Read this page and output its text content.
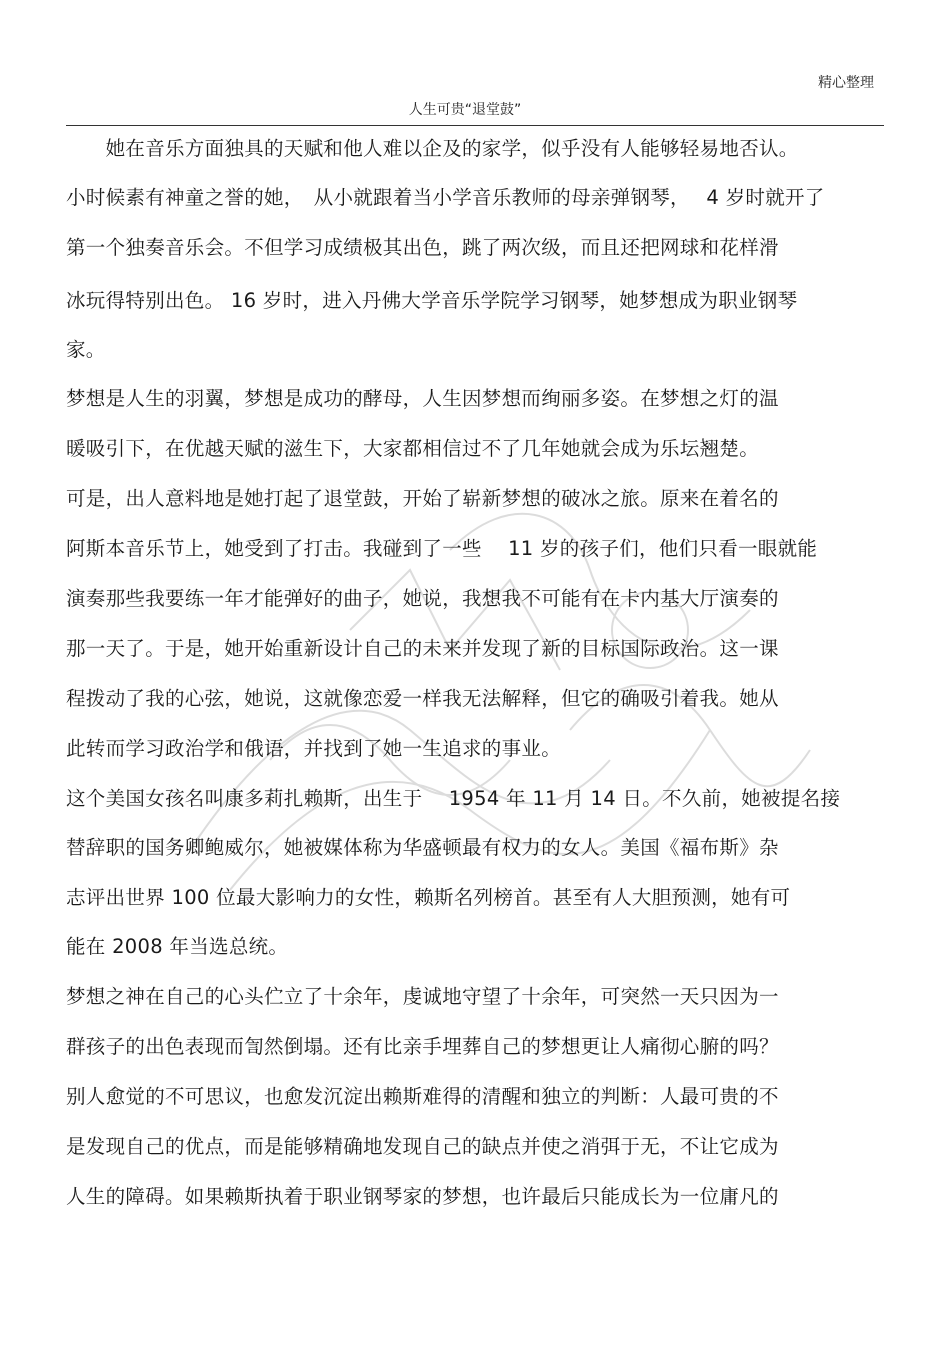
精心整理
人生可贵“退堂鼓”
　　她在音乐方面独具的天赋和他人难以企及的家学，似乎没有人能够轻易地否认。
小时候素有神童之誉的她，　从小就跟着当小学音乐教师的母亲弹钢琴，　 4 岁时就开了
第一个独奏音乐会。不但学习成绩极其出色，跳了两次级，而且还把网球和花样滑
冰玩得特别出色。 16 岁时，进入丹佛大学音乐学院学习钢琴，她梦想成为职业钢琴
家。
梦想是人生的羽翼，梦想是成功的酵母，人生因梦想而绚丽多姿。在梦想之灯的温
暖吸引下，在优越天赋的滋生下，大家都相信过不了几年她就会成为乐坛翘楚。
可是，出人意料地是她打起了退堂鼓，开始了崭新梦想的破冰之旅。原来在着名的
阿斯本音乐节上，她受到了打击。我碰到了一些　 11 岁的孩子们，他们只看一眼就能
演奏那些我要练一年才能弹好的曲子，她说，我想我不可能有在卡内基大厅演奏的
那一天了。于是，她开始重新设计自己的未来并发现了新的目标国际政治。这一课
程拨动了我的心弦，她说，这就像恋爱一样我无法解释，但它的确吸引着我。她从
此转而学习政治学和俄语，并找到了她一生追求的事业。
这个美国女孩名叫康多莉扎赖斯，出生于　 1954 年 11 月 14 日。不久前，她被提名接
替辞职的国务卿鲍威尔，她被媒体称为华盛顿最有权力的女人。美国《福布斯》杂
志评出世界 100 位最大影响力的女性，赖斯名列榜首。甚至有人大胆预测，她有可
能在 2008 年当选总统。
梦想之神在自己的心头伫立了十余年，虔诚地守望了十余年，可突然一天只因为一
群孩子的出色表现而訇然倒塌。还有比亲手埋葬自己的梦想更让人痛彻心腑的吗？
别人愈觉的不可思议，也愈发沉淀出赖斯难得的清醒和独立的判断：人最可贵的不
是发现自己的优点，而是能够精确地发现自己的缺点并使之消弭于无，不让它成为
人生的障碍。如果赖斯执着于职业钢琴家的梦想，也许最后只能成长为一位庸凡的
